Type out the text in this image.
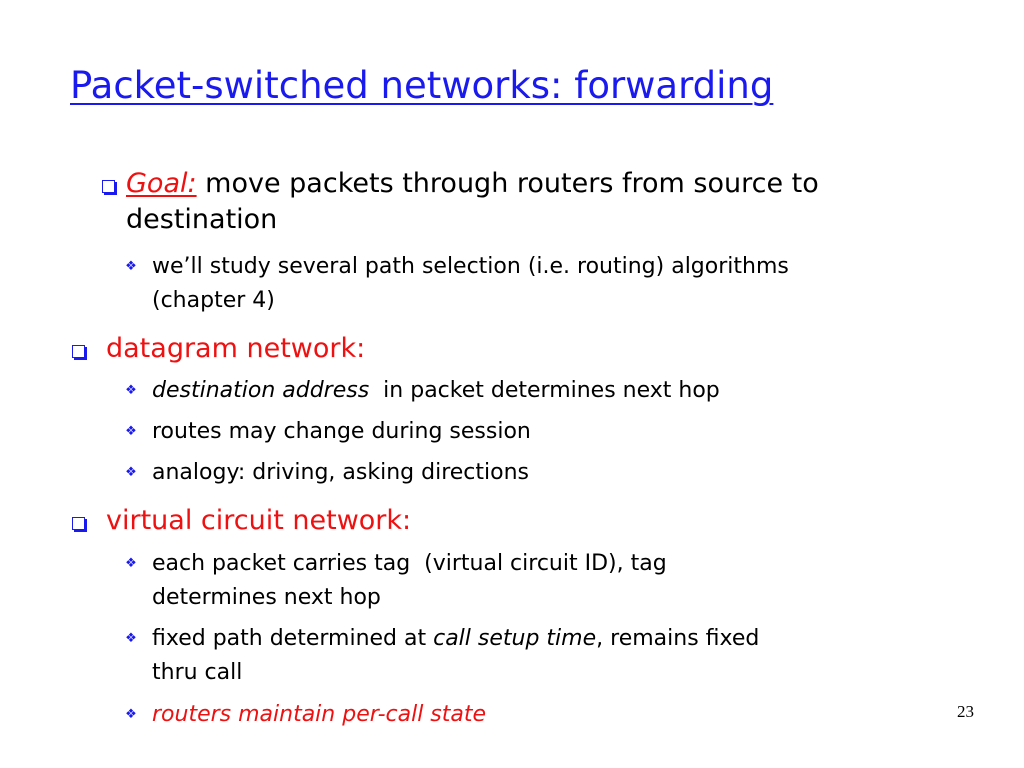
Packet-switched networks: forwarding
Goal: move packets through routers from source to
destination
❖ we’ll study several path selection (i.e. routing) algorithms
(chapter 4)
datagram network:
❖ destination address  in packet determines next hop
❖ routes may change during session
❖ analogy: driving, asking directions
virtual circuit network:
❖ each packet carries tag  (virtual circuit ID), tag
determines next hop
❖ fixed path determined at call setup time, remains fixed
thru call
❖ routers maintain per-call state	23
